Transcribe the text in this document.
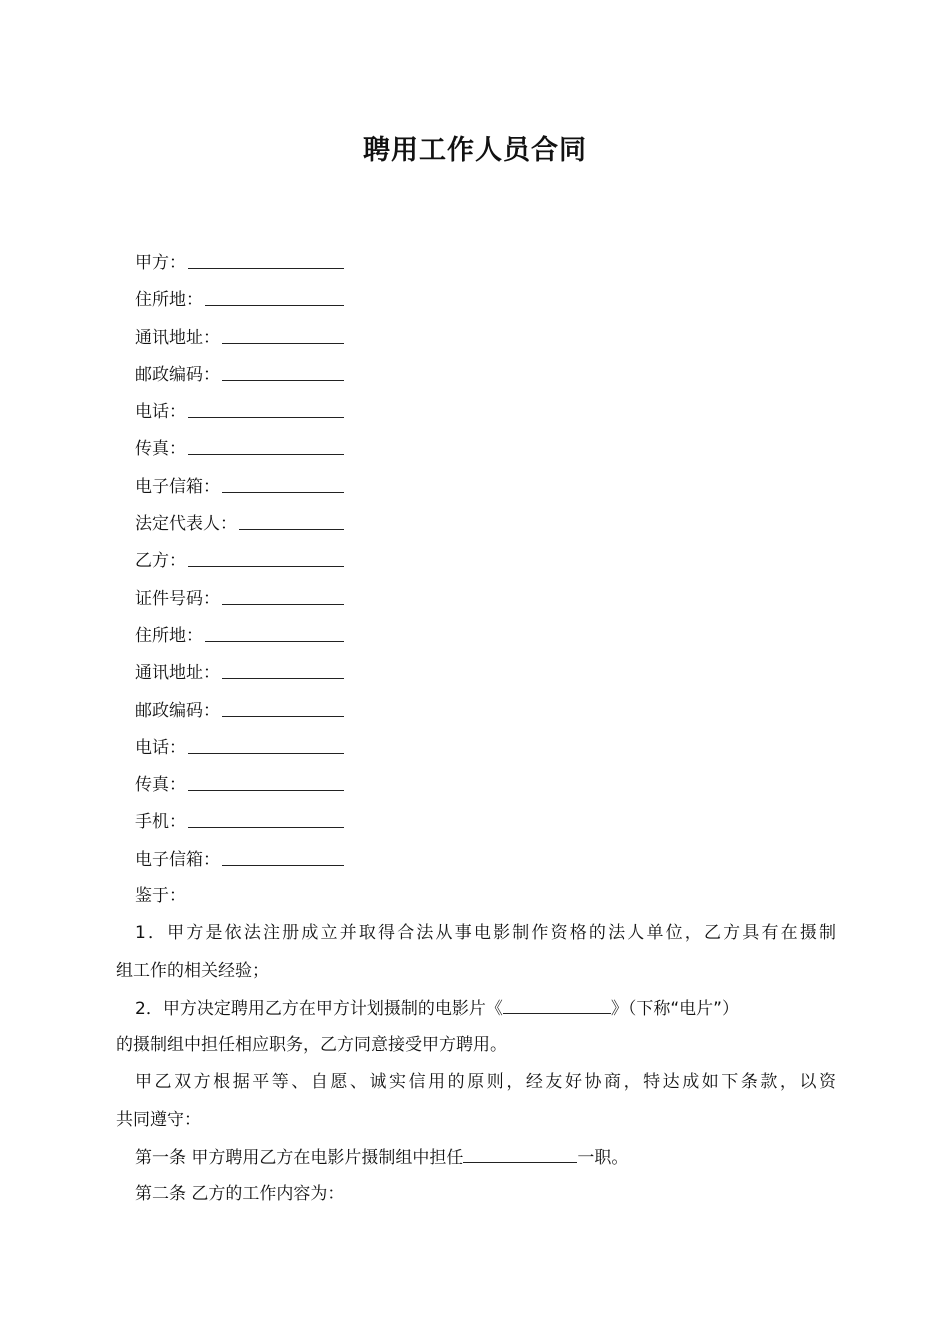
聘用工作人员合同
甲方：
住所地：
通讯地址：
邮政编码：
电话：
传真：
电子信箱：
法定代表人：
乙方：
证件号码：
住所地：
通讯地址：
邮政编码：
电话：
传真：
手机：
电子信箱：
鉴于：
1．甲方是依法注册成立并取得合法从事电影制作资格的法人单位，乙方具有在摄制
组工作的相关经验；
2．甲方决定聘用乙方在甲方计划摄制的电影片《	》（下称“电片”）
的摄制组中担任相应职务，乙方同意接受甲方聘用。
甲乙双方根据平等、自愿、诚实信用的原则，经友好协商，特达成如下条款，以资
共同遵守：
第一条 甲方聘用乙方在电影片摄制组中担任	一职。
第二条 乙方的工作内容为：
